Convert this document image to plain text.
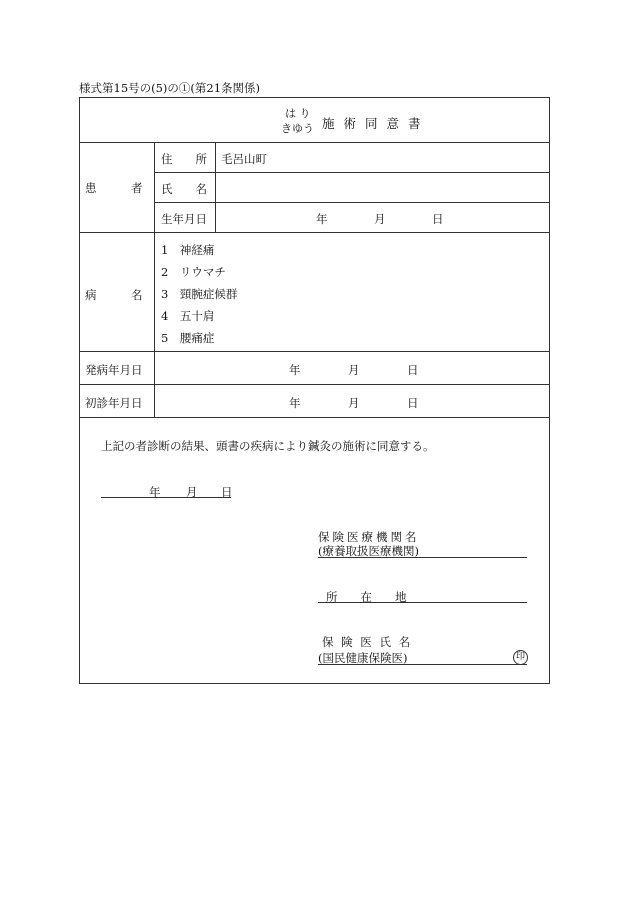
様式第15号の(5)の①(第21条関係)
は り
きゆう 施術同意書
患　　　者
住　　所 毛呂山町
氏　　名
生年月日	年	月	日
病　　　名
1　神経痛
2　リウマチ
3　頸腕症候群
4　五十肩
5　腰痛症
発病年月日	年	月	日
初診年月日	年	月	日
上記の者診断の結果、頭書の疾病により鍼灸の施術に同意する。
年 月 日
保険医療機関名
(療養取扱医療機関)
所　　在　　地
保 険 医 氏 名
(国民健康保険医)	印
